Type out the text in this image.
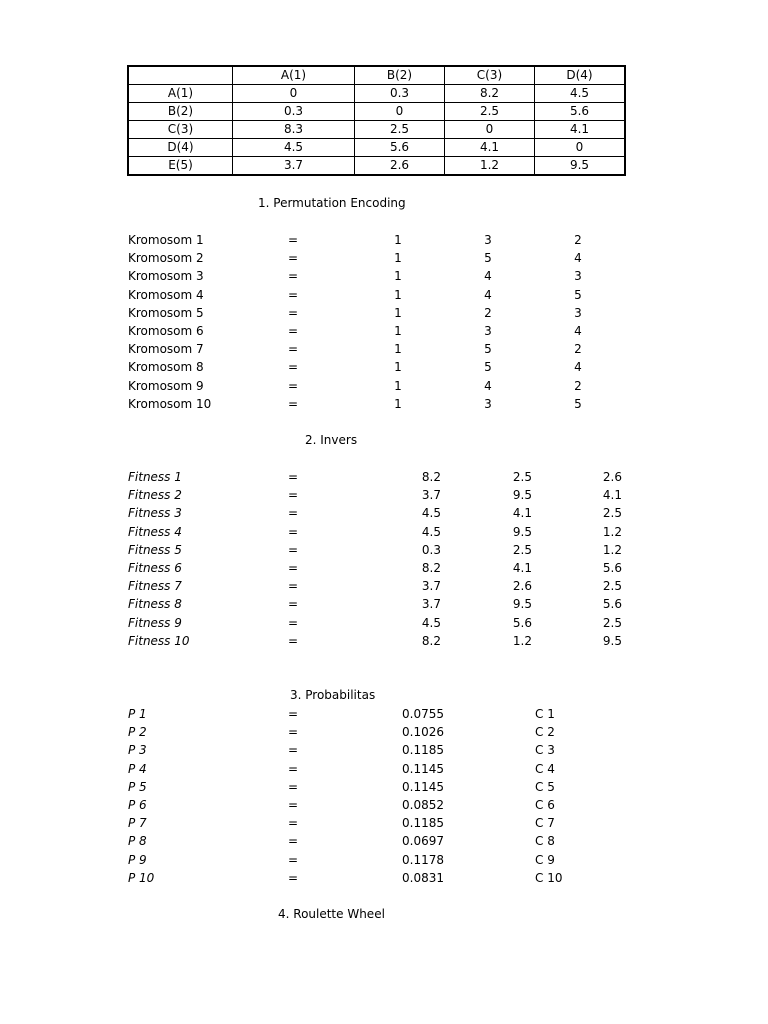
	A(1)	B(2)	C(3)	D(4)
A(1)	0	0.3	8.2	4.5
B(2)	0.3	0	2.5	5.6
C(3)	8.3	2.5	0	4.1
D(4)	4.5	5.6	4.1	0
E(5)	3.7	2.6	1.2	9.5
1. Permutation Encoding
Kromosom 1	=	1	3	2
Kromosom 2	=	1	5	4
Kromosom 3	=	1	4	3
Kromosom 4	=	1	4	5
Kromosom 5	=	1	2	3
Kromosom 6	=	1	3	4
Kromosom 7	=	1	5	2
Kromosom 8	=	1	5	4
Kromosom 9	=	1	4	2
Kromosom 10	=	1	3	5
2. Invers
Fitness 1	=	8.2	2.5	2.6
Fitness 2	=	3.7	9.5	4.1
Fitness 3	=	4.5	4.1	2.5
Fitness 4	=	4.5	9.5	1.2
Fitness 5	=	0.3	2.5	1.2
Fitness 6	=	8.2	4.1	5.6
Fitness 7	=	3.7	2.6	2.5
Fitness 8	=	3.7	9.5	5.6
Fitness 9	=	4.5	5.6	2.5
Fitness 10	=	8.2	1.2	9.5
3. Probabilitas
P 1	=	0.0755	C 1
P 2	=	0.1026	C 2
P 3	=	0.1185	C 3
P 4	=	0.1145	C 4
P 5	=	0.1145	C 5
P 6	=	0.0852	C 6
P 7	=	0.1185	C 7
P 8	=	0.0697	C 8
P 9	=	0.1178	C 9
P 10	=	0.0831	C 10
4. Roulette Wheel
